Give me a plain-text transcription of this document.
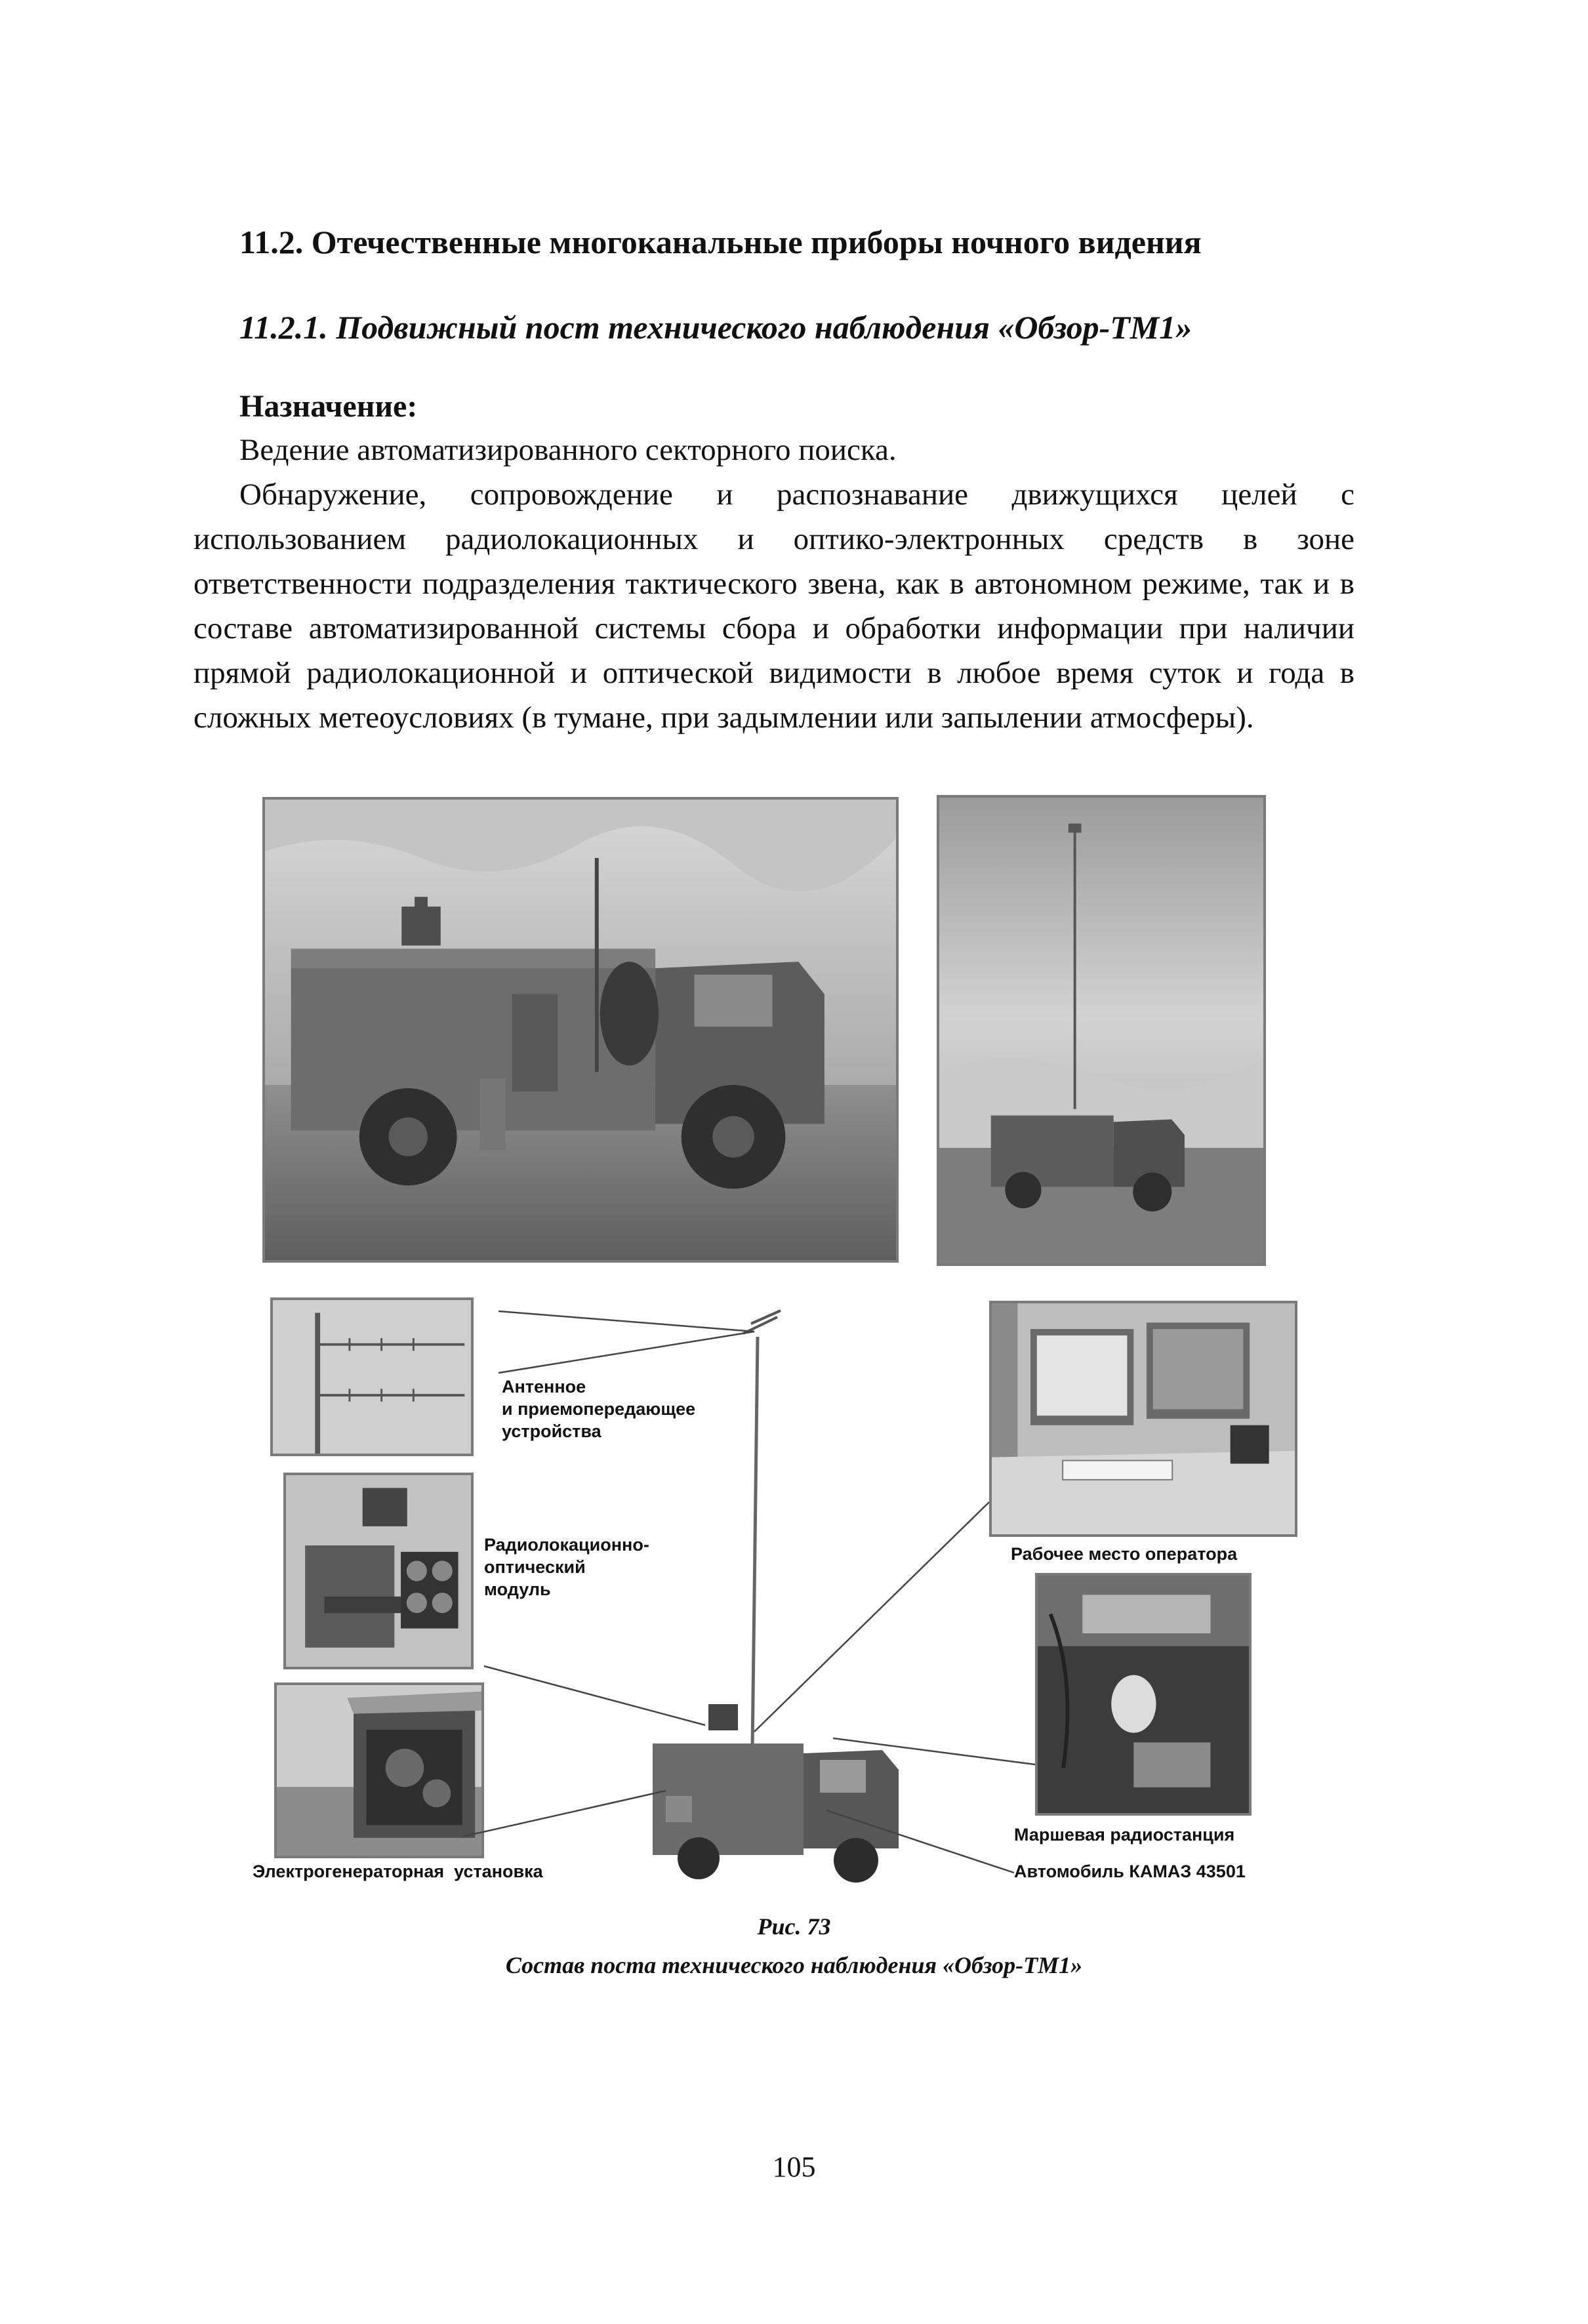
11.2. Отечественные многоканальные приборы ночного видения
11.2.1. Подвижный пост технического наблюдения «Обзор-ТМ1»
Назначение:
Ведение автоматизированного секторного поиска.
Обнаружение, сопровождение и распознавание движущихся целей с использованием радиолокационных и оптико-электронных средств в зоне ответственности подразделения тактического звена, как в автономном режиме, так и в составе автоматизированной системы сбора и обработки информации при наличии прямой радиолокационной и оптической видимости в любое время суток и года в сложных метеоусловиях (в тумане, при задымлении или запылении атмосферы).
Антенное
и приемопередающее
устройства
Радиолокационно-
оптический
модуль
Электрогенераторная  установка
Рабочее место оператора
Маршевая радиостанция
Автомобиль КАМАЗ 43501
Рис. 73
Состав поста технического наблюдения «Обзор-ТМ1»
105
